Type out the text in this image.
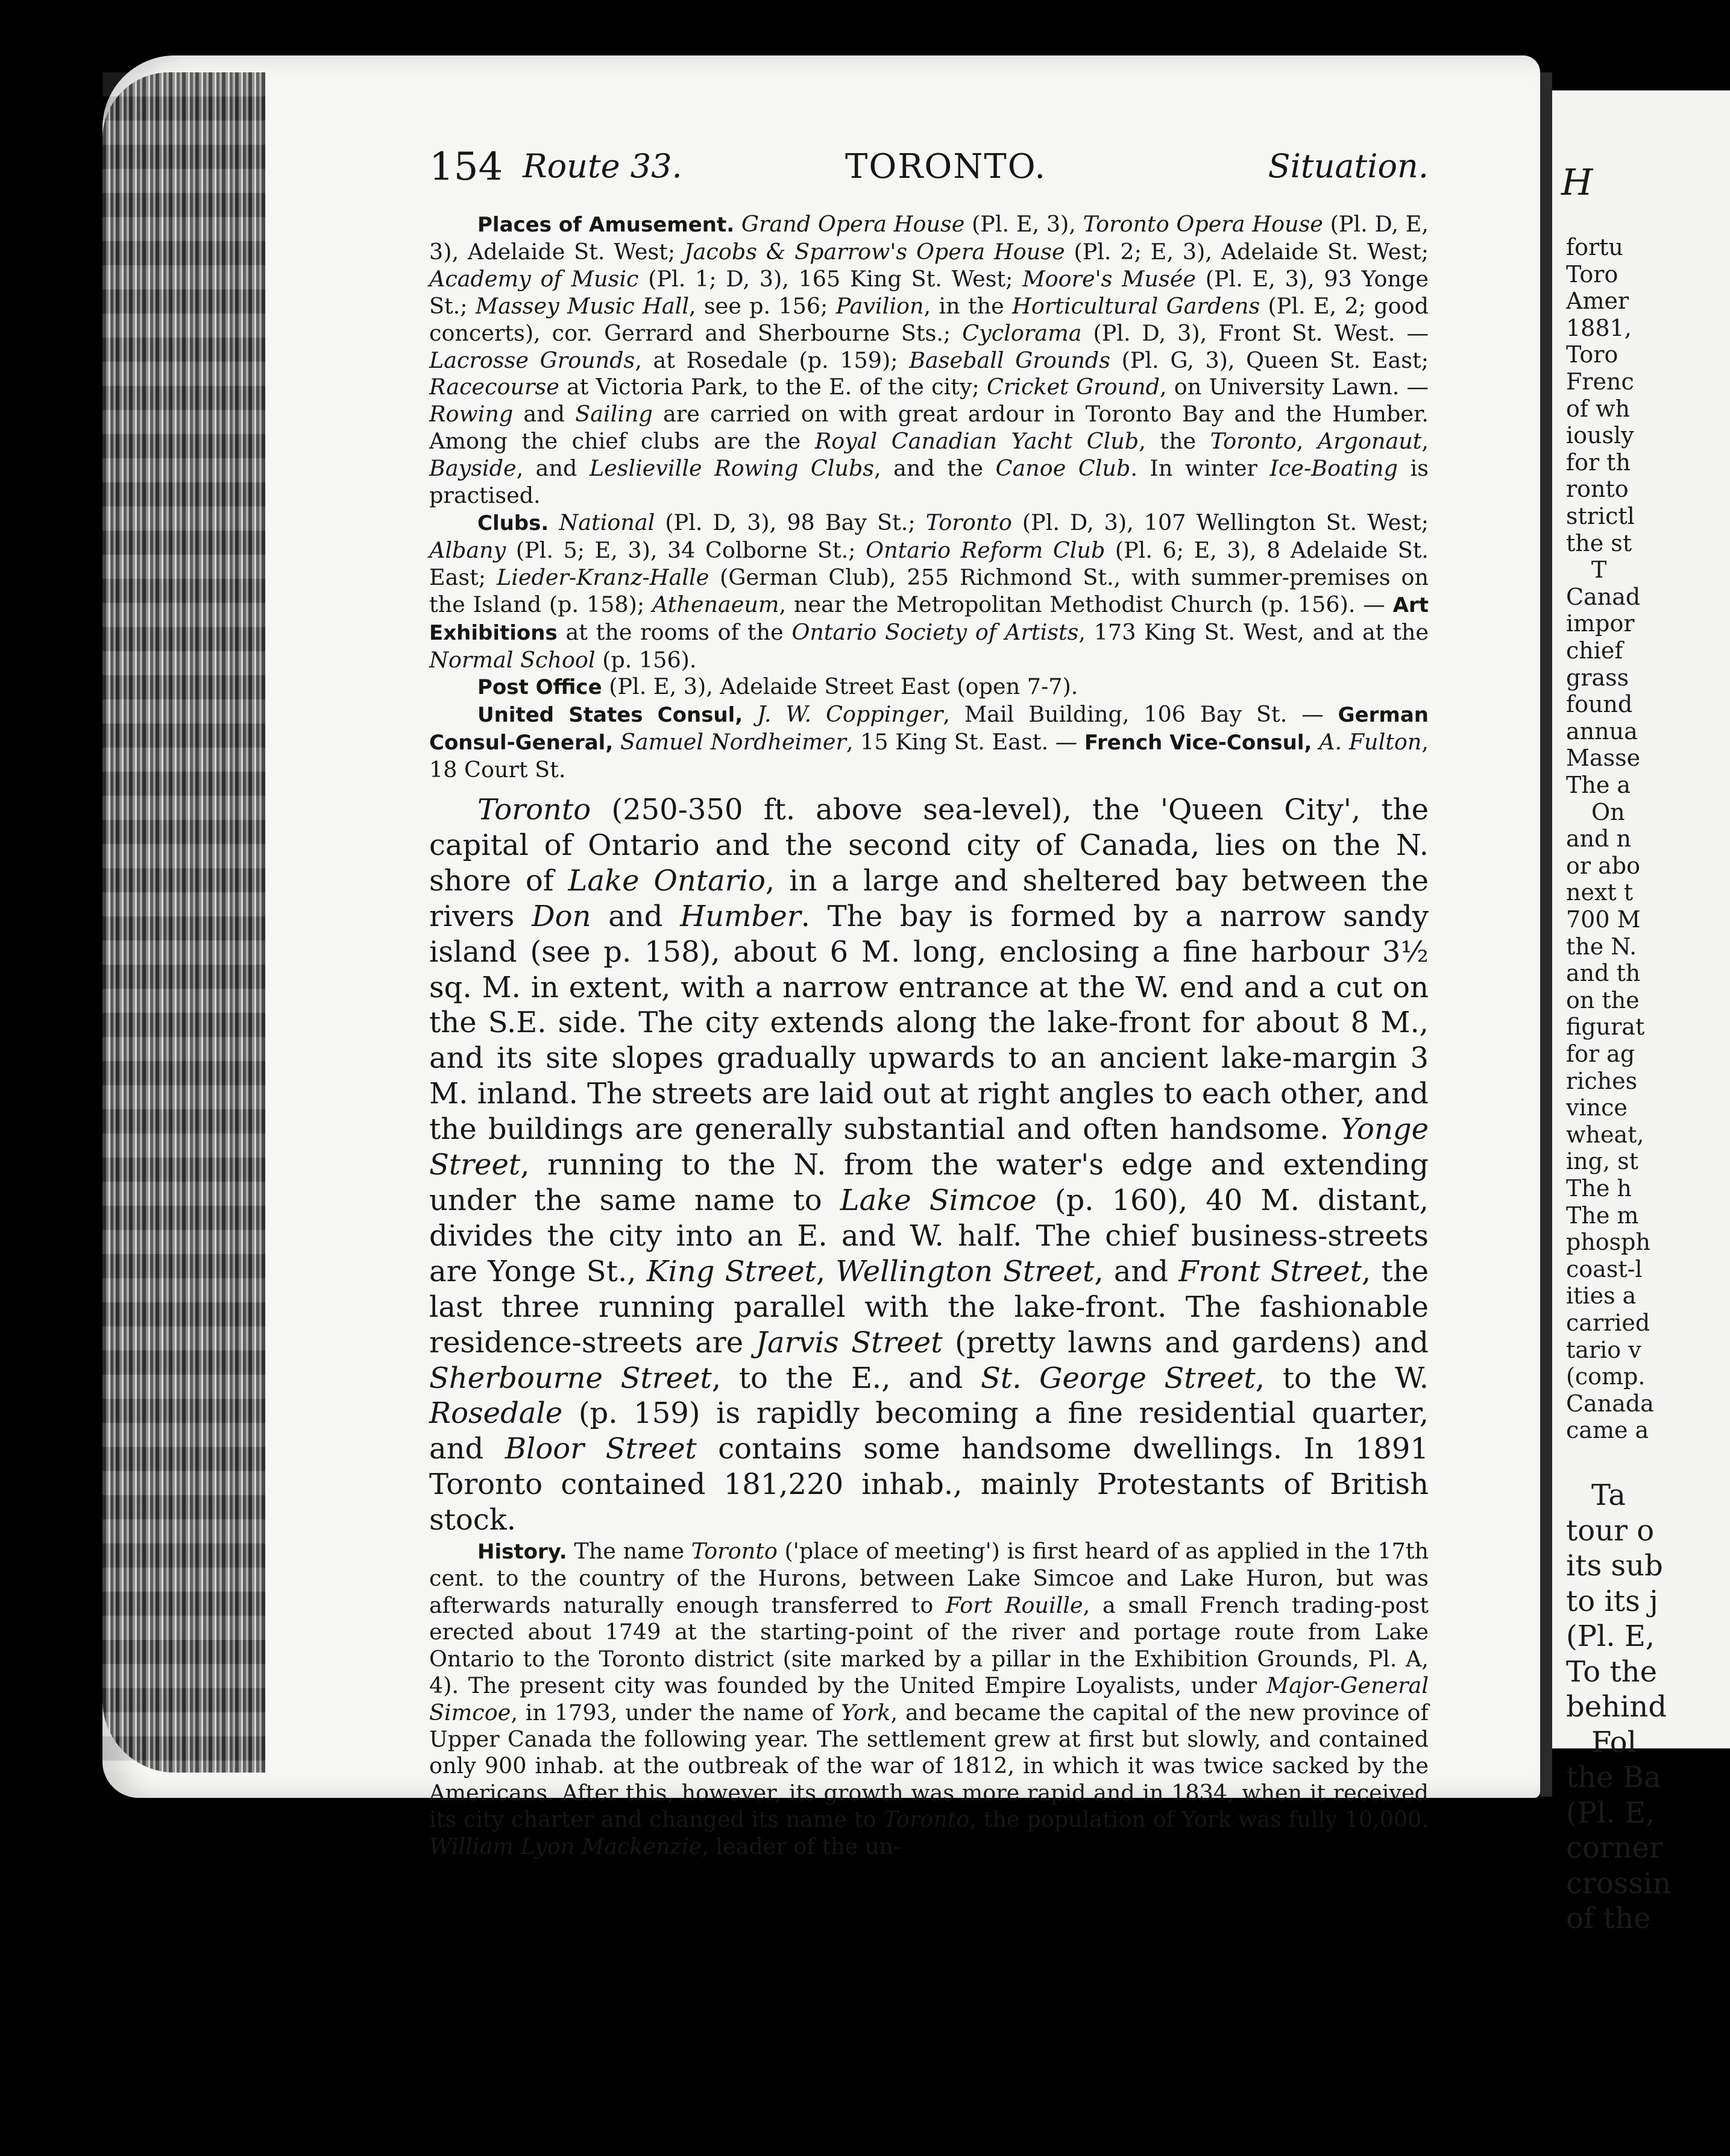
154 Route 33.	TORONTO.	Situation.

Places of Amusement. Grand Opera House (Pl. E, 3), Toronto Opera House (Pl. D, E, 3), Adelaide St. West; Jacobs & Sparrow's Opera House (Pl. 2; E, 3), Adelaide St. West; Academy of Music (Pl. 1; D, 3), 165 King St. West; Moore's Musée (Pl. E, 3), 93 Yonge St.; Massey Music Hall, see p. 156; Pavilion, in the Horticultural Gardens (Pl. E, 2; good concerts), cor. Gerrard and Sherbourne Sts.; Cyclorama (Pl. D, 3), Front St. West. — Lacrosse Grounds, at Rosedale (p. 159); Baseball Grounds (Pl. G, 3), Queen St. East; Racecourse at Victoria Park, to the E. of the city; Cricket Ground, on University Lawn. — Rowing and Sailing are carried on with great ardour in Toronto Bay and the Humber. Among the chief clubs are the Royal Canadian Yacht Club, the Toronto, Argonaut, Bayside, and Leslieville Rowing Clubs, and the Canoe Club. In winter Ice-Boating is practised.

Clubs. National (Pl. D, 3), 98 Bay St.; Toronto (Pl. D, 3), 107 Wellington St. West; Albany (Pl. 5; E, 3), 34 Colborne St.; Ontario Reform Club (Pl. 6; E, 3), 8 Adelaide St. East; Lieder-Kranz-Halle (German Club), 255 Richmond St., with summer-premises on the Island (p. 158); Athenaeum, near the Metropolitan Methodist Church (p. 156). — Art Exhibitions at the rooms of the Ontario Society of Artists, 173 King St. West, and at the Normal School (p. 156).

Post Office (Pl. E, 3), Adelaide Street East (open 7-7).

United States Consul, J. W. Coppinger, Mail Building, 106 Bay St. — German Consul-General, Samuel Nordheimer, 15 King St. East. — French Vice-Consul, A. Fulton, 18 Court St.

Toronto (250-350 ft. above sea-level), the 'Queen City', the capital of Ontario and the second city of Canada, lies on the N. shore of Lake Ontario, in a large and sheltered bay between the rivers Don and Humber. The bay is formed by a narrow sandy island (see p. 158), about 6 M. long, enclosing a fine harbour 3½ sq. M. in extent, with a narrow entrance at the W. end and a cut on the S.E. side. The city extends along the lake-front for about 8 M., and its site slopes gradually upwards to an ancient lake-margin 3 M. inland. The streets are laid out at right angles to each other, and the buildings are generally substantial and often handsome. Yonge Street, running to the N. from the water's edge and extending under the same name to Lake Simcoe (p. 160), 40 M. distant, divides the city into an E. and W. half. The chief business-streets are Yonge St., King Street, Wellington Street, and Front Street, the last three running parallel with the lake-front. The fashionable residence-streets are Jarvis Street (pretty lawns and gardens) and Sherbourne Street, to the E., and St. George Street, to the W. Rosedale (p. 159) is rapidly becoming a fine residential quarter, and Bloor Street contains some handsome dwellings. In 1891 Toronto contained 181,220 inhab., mainly Protestants of British stock.

History. The name Toronto ('place of meeting') is first heard of as applied in the 17th cent. to the country of the Hurons, between Lake Simcoe and Lake Huron, but was afterwards naturally enough transferred to Fort Rouille, a small French trading-post erected about 1749 at the starting-point of the river and portage route from Lake Ontario to the Toronto district (site marked by a pillar in the Exhibition Grounds, Pl. A, 4). The present city was founded by the United Empire Loyalists, under Major-General Simcoe, in 1793, under the name of York, and became the capital of the new province of Upper Canada the following year. The settlement grew at first but slowly, and contained only 900 inhab. at the outbreak of the war of 1812, in which it was twice sacked by the Americans. After this, however, its growth was more rapid and in 1834, when it received its city charter and changed its name to Toronto, the population of York was fully 10,000. William Lyon Mackenzie, leader of the un-

H
fortu
Toro
Amer
1881,
Toro
Frenc
of wh
iously
for th
ronto
strictl
the st
T
Canad
impor
chief
grass
found
annua
Masse
The a
On
and n
or abo
next t
700 M
the N.
and th
on the
figurat
for ag
riches
vince
wheat,
ing, st
The h
The m
phosph
coast-l
ities a
carried
tario v
(comp.
Canada
came a
Ta
tour o
its sub
to its j
(Pl. E,
To the
behind
Fol
the Ba
(Pl. E,
corner
crossin
of the
